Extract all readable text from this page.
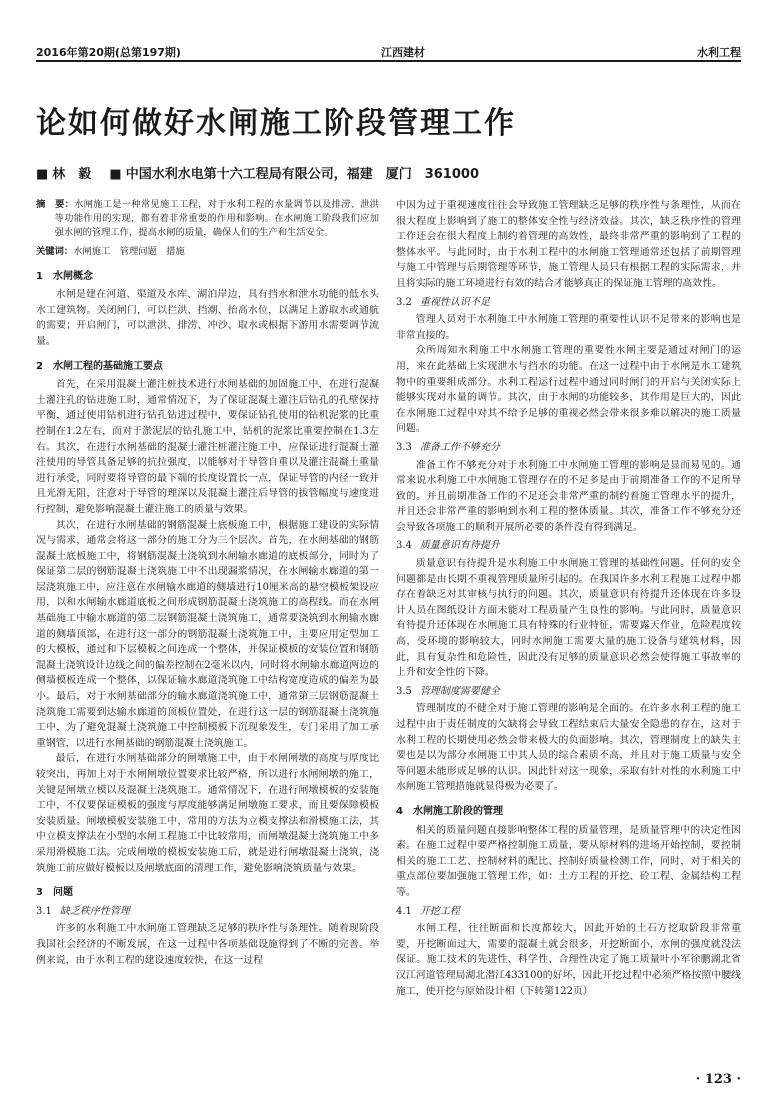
2016年第20期(总第197期)	江西建材	水利工程
论如何做好水闸施工阶段管理工作
■ 林　毅 ■ 中国水利水电第十六工程局有限公司，福建　厦门　361000

摘　要：水闸施工是一种常见施工工程，对于水利工程的水量调节以及排涝、泄洪等功能作用的实现，都有着非常重要的作用和影响。在水闸施工阶段我们应加强水闸的管理工作，提高水闸的质量，确保人们的生产和生活安全。

关键词：水闸施工　管理问题　措施

1 水闸概念

水闸是建在河道、渠道及水库、湖泊岸边，具有挡水和泄水功能的低水头水工建筑物。关闭闸门，可以拦洪、挡潮、抬高水位，以满足上游取水或通航的需要；开启闸门，可以泄洪、排涝、冲沙、取水或根据下游用水需要调节流量。

2 水闸工程的基础施工要点

首先，在采用混凝土灌注桩技术进行水闸基础的加固施工中，在进行混凝土灌注孔的钻进施工时，通常情况下，为了保证混凝土灌注后钻孔的孔壁保持平衡，通过使用钻机进行钻孔钻进过程中，要保证钻孔使用的钻机泥浆的比重控制在1.2左右，而对于淤泥层的钻孔施工中，钻机的泥浆比重要控制在1.3左右。其次，在进行水闸基础的混凝土灌注桩灌注施工中，应保证进行混凝土灌注使用的导管具备足够的抗拉强度，以能够对于导管自重以及灌注混凝土重量进行承受，同时要将导管的最下端的长度设置长一点，保证导管的内径一致并且光滑无阻，注意对于导管的理深以及混凝土灌注后导管的拔管幅度与速度进行控制，避免影响混凝土灌注施工的质量与效果。

其次，在进行水闸基础的钢筋混凝土底板施工中，根据施工建设的实际情况与需求，通常会将这一部分的施工分为三个层次。首先，在水闸基础的钢筋混凝土底板施工中，将钢筋混凝土浇筑到水闸输水廊道的底板部分，同时为了保证第二层的钢筋混凝土浇筑施工中不出现漏浆情况，在水闸输水廊道的第一层浇筑施工中，应注意在水闸输水廊道的侧墙进行10厘米高的悬空模板架设应用，以和水闸输水廊道底板之间形成钢筋混凝土浇筑施工的高程线。而在水闸基础施工中输水廊道的第二层钢筋混凝土浇筑施工，通常要浇筑到水闸输水廊道的侧墙顶部，在进行这一部分的钢筋混凝土浇筑施工中，主要应用定型加工的大模板，通过和下层模板之间连成一个整体，并保证模板的安装位置和钢筋混凝土浇筑设计边线之间的偏差控制在2毫米以内，同时将水闸输水廊道两边的侧墙模板连成一个整体，以保证输水廊道浇筑施工中结构宽度造成的偏差为最小。最后，对于水闸基础部分的输水廊道浇筑施工中，通常第三层钢筋混凝土浇筑施工需要到达输水廊道的顶板位置处，在进行这一层的钢筋混凝土浇筑施工中，为了避免混凝土浇筑施工中控制模板下沉现象发生，专门采用了加工承重钢管，以进行水闸基础的钢筋混凝土浇筑施工。

最后，在进行水闸基础部分的闸墩施工中，由于水闸闸墩的高度与厚度比较突出，再加上对于水闸闸墩位置要求比较严格，所以进行水闸闸墩的施工，关键是闸墩立模以及混凝土浇筑施工。通常情况下，在进行闸墩模板的安装施工中，不仅要保证模板的强度与厚度能够满足闸墩施工要求，而且要保障模板安装质量。闸墩模板安装施工中，常用的方法为立模支撑法和滑模施工法，其中立模支撑法在小型的水闸工程施工中比较常用，而闸墩混凝土浇筑施工中多采用滑模施工法。完成闸墩的模板安装施工后，就是进行闸墩混凝土浇筑，浇筑施工前应做好模板以及闸墩底面的清理工作，避免影响浇筑质量与效果。

3 问题

3.1 缺乏秩序性管理

许多的水利施工中水闸施工管理缺乏足够的秩序性与条理性。随着现阶段我国社会经济的不断发展，在这一过程中各项基础设施得到了不断的完善。举例来说，由于水利工程的建设速度较快，在这一过程

中因为过于重视速度往往会导致施工管理缺乏足够的秩序性与条理性，从而在很大程度上影响到了施工的整体安全性与经济效益。其次，缺乏秩序性的管理工作还会在很大程度上制约着管理的高效性，最终非常严重的影响到了工程的整体水平。与此同时，由于水利工程中的水闸施工管理通常还包括了前期管理与施工中管理与后期管理等环节，施工管理人员只有根据工程的实际需求，并且将实际的施工环境进行有效的结合才能够真正的保证施工管理的高效性。

3.2 重视性认识不足

管理人员对于水利施工中水闸施工管理的重要性认识不足带来的影响也是非常直接的。

众所周知水利施工中水闸施工管理的重要性水闸主要是通过对闸门的运用，来在此基础上实现泄水与挡水的功能。在这一过程中由于水闸是水工建筑物中的重要组成部分。水利工程运行过程中通过同时闸门的开启与关闭实际上能够实现对水量的调节。其次，由于水闸的功能较多，其作用是巨大的，因此在水闸施工过程中对其不给予足够的重视必然会带来很多难以解决的施工质量问题。

3.3 准备工作不够充分

准备工作不够充分对于水利施工中水闸施工管理的影响是显而易见的。通常来说水利施工中水闸施工管理存在的不足多是由于前期准备工作的不足所导致的。并且前期准备工作的不足还会非常严重的制约着施工管理水平的提升，并且还会非常严重的影响到水利工程的整体质量。其次，准备工作不够充分还会导致各项施工的顺利开展所必要的条件没有得到满足。

3.4 质量意识有待提升

质量意识有待提升是水利施工中水闸施工管理的基础性问题。任何的安全问题都是由长期不重视管理质量所引起的。在我国许多水利工程施工过程中都存在着缺乏对其审核与执行的问题。其次，质量意识有待提升还体现在许多设计人员在图纸设计方面未能对工程质量产生良性的影响。与此同时，质量意识有待提升还体现在水闸施工具有特殊的行业特征，需要露天作业，危险程度较高，受环境的影响较大，同时水闸施工需要大量的施工设备与建筑材料，因此，具有复杂性和危险性，因此没有足够的质量意识必然会使得施工事故率的上升和安全性的下降。

3.5 管理制度需要健全

管理制度的不健全对于施工管理的影响是全面的。在许多水利工程的施工过程中由于责任制度的欠缺将会导致工程结束后大量安全隐患的存在，这对于水利工程的长期使用必然会带来极大的负面影响。其次，管理制度上的缺失主要也是以为部分水闸施工中其人员的综合素质不高，并且对于施工质量与安全等问题未能形成足够的认识。因此针对这一现象，采取有针对性的水利施工中水闸施工管理措施就显得极为必要了。

4 水闸施工阶段的管理

相关的质量问题直接影响整体工程的质量管理，是质量管理中的决定性因素。在施工过程中要严格控制施工质量，要从原材料的进场开始控制，要控制相关的施工工艺、控制材料的配比、控制好质量检测工作，同时，对于相关的重点部位要加强施工管理工作，如：土方工程的开挖、砼工程、金属结构工程等。

4.1 开挖工程

水闸工程，往往断面和长度都较大，因此开始的土石方挖取阶段非常重要，开挖断面过大，需要的混凝土就会很多，开挖断面小，水闸的强度就没法保证。施工技术的先进性、科学性、合理性决定了施工质量叶小军徐鹏湖北省汉江河道管理局湖北潜江433100的好坏，因此开挖过程中必须严格按照中腰线施工，使开挖与原始设计相（下转第122页）

· 123 ·
